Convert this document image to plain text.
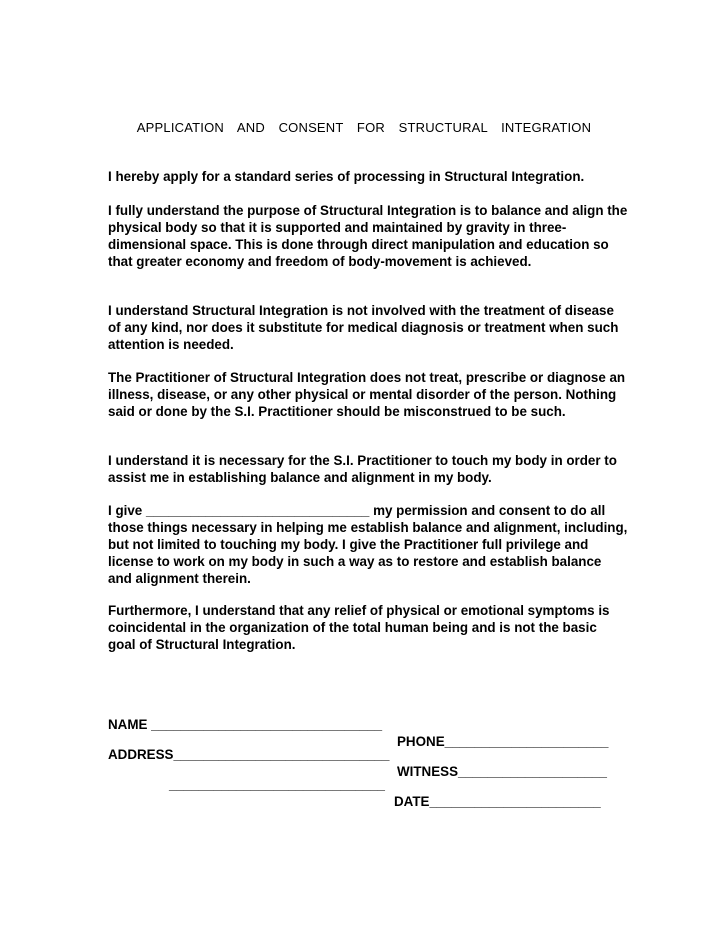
APPLICATION  AND  CONSENT  FOR  STRUCTURAL  INTEGRATION

I hereby apply for a standard series of processing in Structural Integration.

I fully understand the purpose of Structural Integration is to balance and align the physical body so that it is supported and maintained by gravity in three-dimensional space. This is done through direct manipulation and education so that greater economy and freedom of body-movement is achieved.

I understand Structural Integration is not involved with the treatment of disease of any kind, nor does it substitute for medical diagnosis or treatment when such attention is needed.

The Practitioner of Structural Integration does not treat, prescribe or diagnose an illness, disease, or any other physical or mental disorder of the person. Nothing said or done by the S.I. Practitioner should be misconstrued to be such.

I understand it is necessary for the S.I. Practitioner to touch my body in order to assist me in establishing balance and alignment in my body.

I give ______________________________ my permission and consent to do all those things necessary in helping me establish balance and alignment, including, but not limited to touching my body. I give the Practitioner full privilege and license to work on my body in such a way as to restore and establish balance and alignment therein.

Furthermore, I understand that any relief of physical or emotional symptoms is coincidental in the organization of the total human being and is not the basic goal of Structural Integration.

NAME _______________________________

PHONE______________________

ADDRESS_____________________________

WITNESS____________________

_____________________________

DATE_______________________
